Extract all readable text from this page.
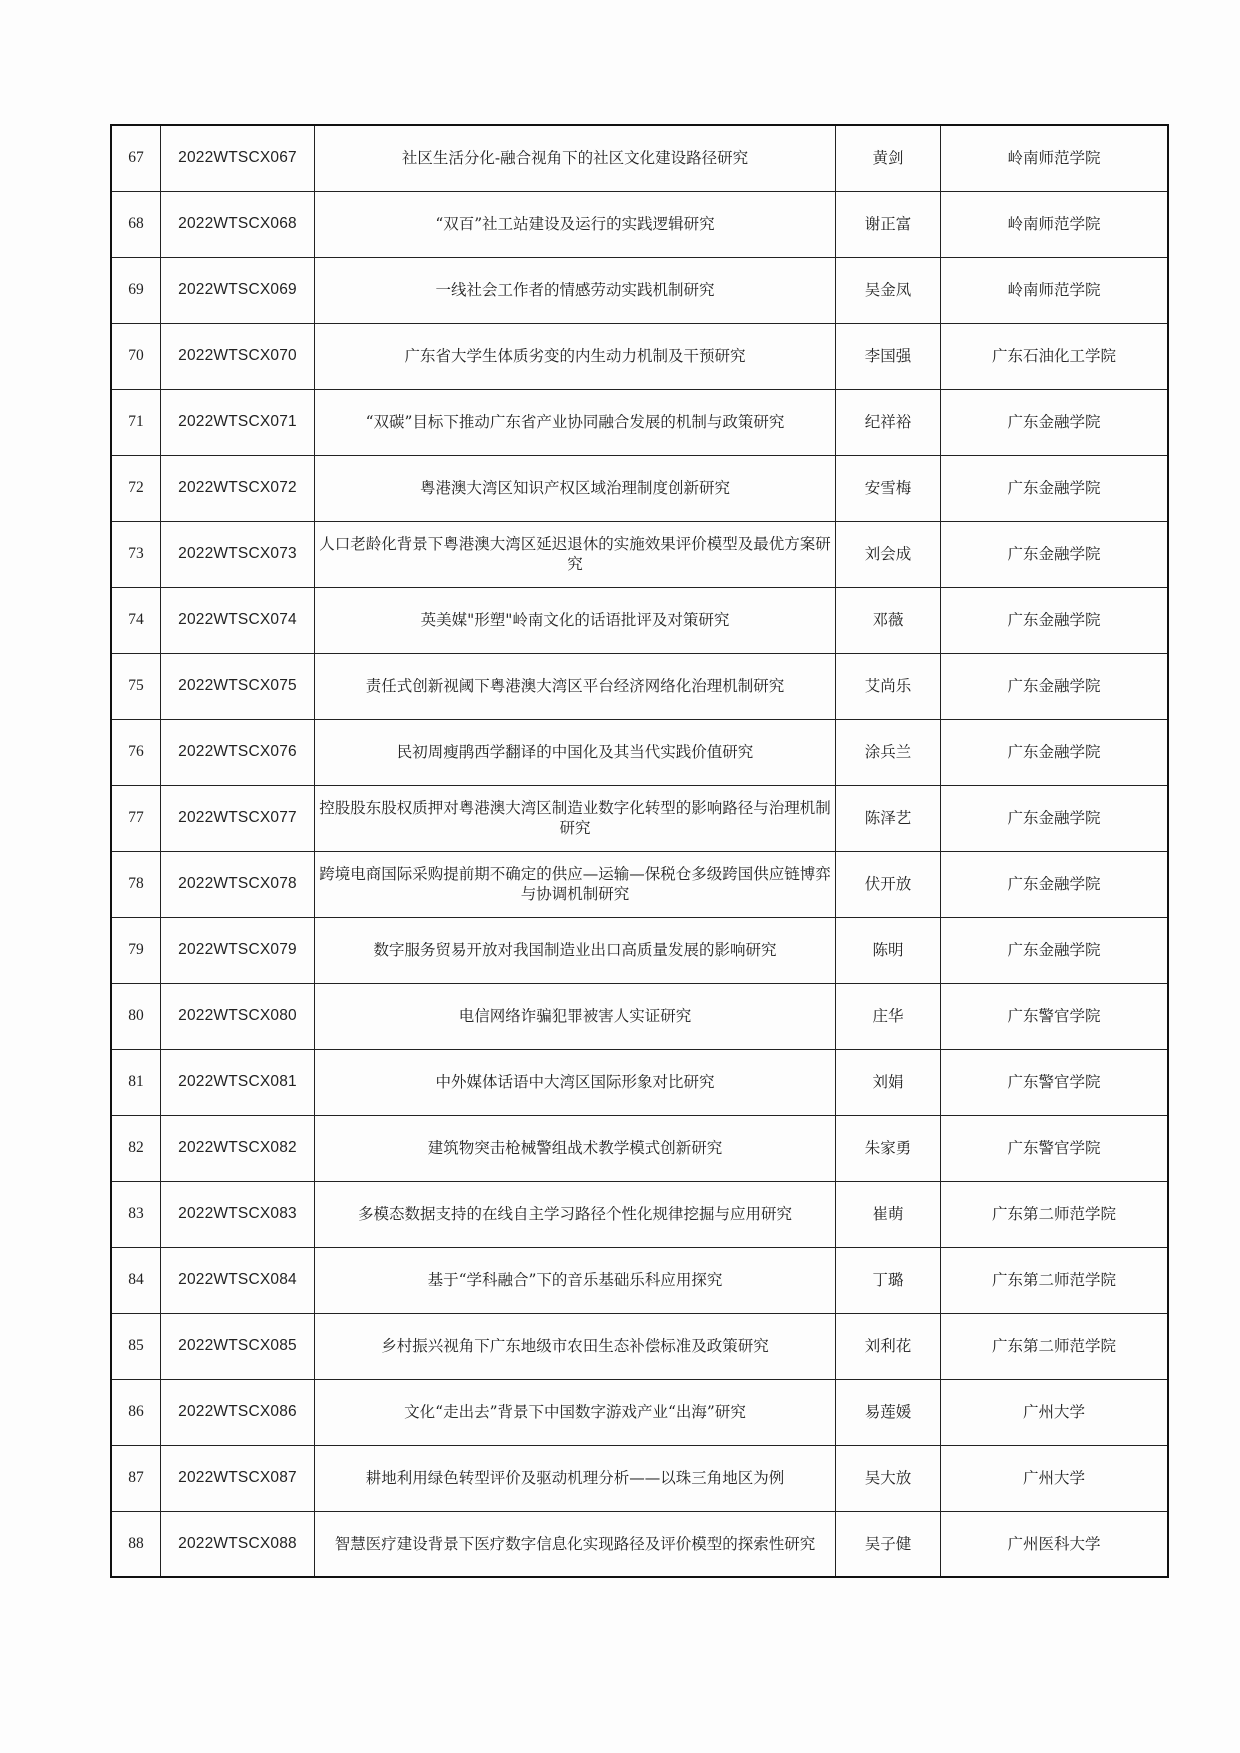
67	2022WTSCX067	社区生活分化-融合视角下的社区文化建设路径研究	黄剑	岭南师范学院
68	2022WTSCX068	“双百”社工站建设及运行的实践逻辑研究	谢正富	岭南师范学院
69	2022WTSCX069	一线社会工作者的情感劳动实践机制研究	吴金凤	岭南师范学院
70	2022WTSCX070	广东省大学生体质劣变的内生动力机制及干预研究	李国强	广东石油化工学院
71	2022WTSCX071	“双碳”目标下推动广东省产业协同融合发展的机制与政策研究	纪祥裕	广东金融学院
72	2022WTSCX072	粤港澳大湾区知识产权区域治理制度创新研究	安雪梅	广东金融学院
73	2022WTSCX073	人口老龄化背景下粤港澳大湾区延迟退休的实施效果评价模型及最优方案研究	刘会成	广东金融学院
74	2022WTSCX074	英美媒"形塑"岭南文化的话语批评及对策研究	邓薇	广东金融学院
75	2022WTSCX075	责任式创新视阈下粤港澳大湾区平台经济网络化治理机制研究	艾尚乐	广东金融学院
76	2022WTSCX076	民初周瘦鹃西学翻译的中国化及其当代实践价值研究	涂兵兰	广东金融学院
77	2022WTSCX077	控股股东股权质押对粤港澳大湾区制造业数字化转型的影响路径与治理机制研究	陈泽艺	广东金融学院
78	2022WTSCX078	跨境电商国际采购提前期不确定的供应—运输—保税仓多级跨国供应链博弈与协调机制研究	伏开放	广东金融学院
79	2022WTSCX079	数字服务贸易开放对我国制造业出口高质量发展的影响研究	陈明	广东金融学院
80	2022WTSCX080	电信网络诈骗犯罪被害人实证研究	庄华	广东警官学院
81	2022WTSCX081	中外媒体话语中大湾区国际形象对比研究	刘娟	广东警官学院
82	2022WTSCX082	建筑物突击枪械警组战术教学模式创新研究	朱家勇	广东警官学院
83	2022WTSCX083	多模态数据支持的在线自主学习路径个性化规律挖掘与应用研究	崔萌	广东第二师范学院
84	2022WTSCX084	基于“学科融合”下的音乐基础乐科应用探究	丁璐	广东第二师范学院
85	2022WTSCX085	乡村振兴视角下广东地级市农田生态补偿标准及政策研究	刘利花	广东第二师范学院
86	2022WTSCX086	文化“走出去”背景下中国数字游戏产业“出海”研究	易莲媛	广州大学
87	2022WTSCX087	耕地利用绿色转型评价及驱动机理分析——以珠三角地区为例	吴大放	广州大学
88	2022WTSCX088	智慧医疗建设背景下医疗数字信息化实现路径及评价模型的探索性研究	吴子健	广州医科大学
